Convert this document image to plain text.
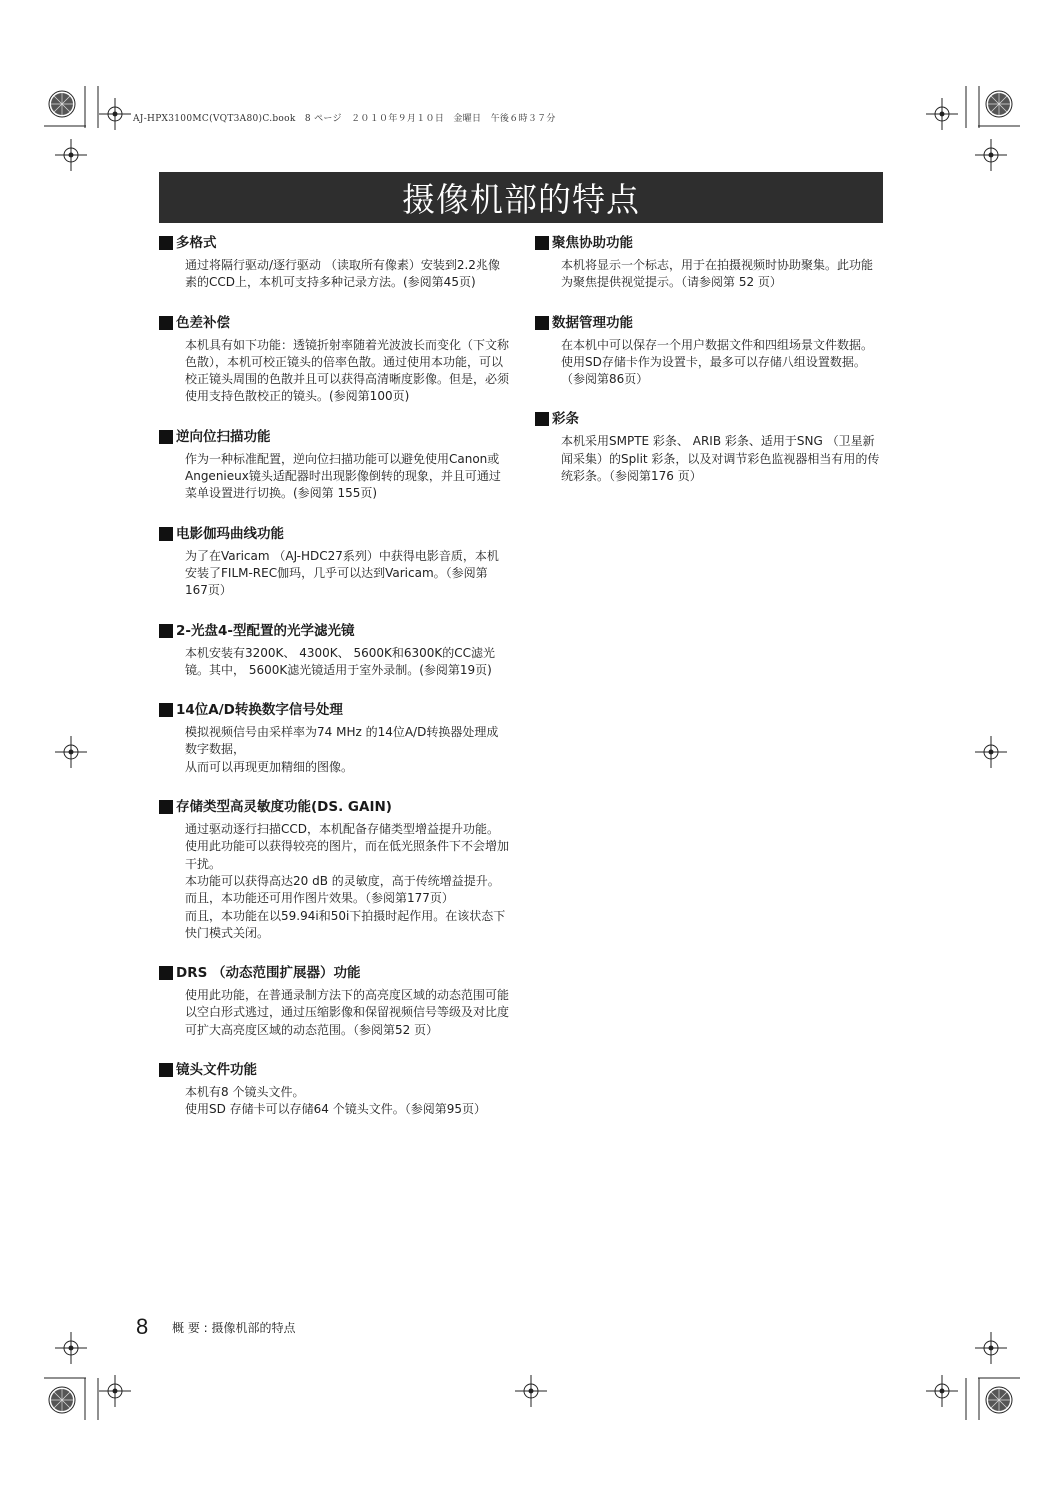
AJ-HPX3100MC(VQT3A80)C.book　8 ページ　２０１０年９月１０日　金曜日　午後６時３７分
摄像机部的特点
多格式

通过将隔行驱动/逐行驱动 （读取所有像素）安装到2.2兆像素的CCD上，本机可支持多种记录方法。(参阅第45页)

色差补偿

本机具有如下功能：透镜折射率随着光波波长而变化（下文称色散），本机可校正镜头的倍率色散。通过使用本功能，可以校正镜头周围的色散并且可以获得高清晰度影像。但是，必须使用支持色散校正的镜头。(参阅第100页)

逆向位扫描功能

作为一种标准配置，逆向位扫描功能可以避免使用Canon或Angenieux镜头适配器时出现影像倒转的现象，并且可通过菜单设置进行切换。(参阅第 155页)

电影伽玛曲线功能

为了在Varicam （AJ-HDC27系列）中获得电影音质，本机安装了FILM-REC伽玛，几乎可以达到Varicam。（参阅第167页）

2-光盘4-型配置的光学滤光镜

本机安装有3200K、 4300K、 5600K和6300K的CC滤光镜。其中， 5600K滤光镜适用于室外录制。(参阅第19页)

14位A/D转换数字信号处理

模拟视频信号由采样率为74 MHz 的14位A/D转换器处理成数字数据，

从而可以再现更加精细的图像。

存储类型高灵敏度功能(DS. GAIN)

通过驱动逐行扫描CCD，本机配备存储类型增益提升功能。使用此功能可以获得较亮的图片，而在低光照条件下不会增加干扰。

本功能可以获得高达20 dB 的灵敏度，高于传统增益提升。

而且，本功能还可用作图片效果。（参阅第177页）

而且，本功能在以59.94i和50i下拍摄时起作用。在该状态下快门模式关闭。

DRS （动态范围扩展器）功能

使用此功能，在普通录制方法下的高亮度区域的动态范围可能以空白形式逃过，通过压缩影像和保留视频信号等级及对比度可扩大高亮度区域的动态范围。（参阅第52 页）

镜头文件功能

本机有8 个镜头文件。

使用SD 存储卡可以存储64 个镜头文件。（参阅第95页）

聚焦协助功能

本机将显示一个标志，用于在拍摄视频时协助聚集。此功能为聚焦提供视觉提示。（请参阅第 52 页）

数据管理功能

在本机中可以保存一个用户数据文件和四组场景文件数据。

使用SD存储卡作为设置卡，最多可以存储八组设置数据。（参阅第86页）

彩条

本机采用SMPTE 彩条、 ARIB 彩条、适用于SNG （卫星新闻采集）的Split 彩条，以及对调节彩色监视器相当有用的传统彩条。（参阅第176 页）

8 概 要 : 摄像机部的特点
